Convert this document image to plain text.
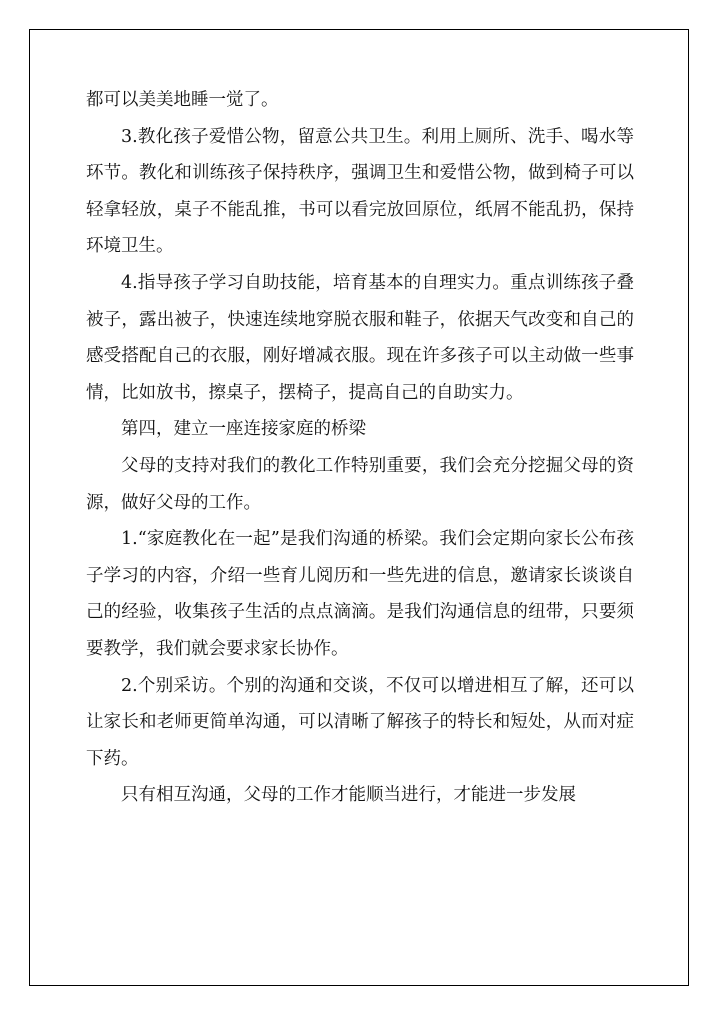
都可以美美地睡一觉了。

3.教化孩子爱惜公物，留意公共卫生。利用上厕所、洗手、喝水等环节。教化和训练孩子保持秩序，强调卫生和爱惜公物，做到椅子可以轻拿轻放，桌子不能乱推，书可以看完放回原位，纸屑不能乱扔，保持环境卫生。

4.指导孩子学习自助技能，培育基本的自理实力。重点训练孩子叠被子，露出被子，快速连续地穿脱衣服和鞋子，依据天气改变和自己的感受搭配自己的衣服，刚好增减衣服。现在许多孩子可以主动做一些事情，比如放书，擦桌子，摆椅子，提高自己的自助实力。

第四，建立一座连接家庭的桥梁

父母的支持对我们的教化工作特别重要，我们会充分挖掘父母的资源，做好父母的工作。

1.“家庭教化在一起”是我们沟通的桥梁。我们会定期向家长公布孩子学习的内容，介绍一些育儿阅历和一些先进的信息，邀请家长谈谈自己的经验，收集孩子生活的点点滴滴。是我们沟通信息的纽带，只要须要教学，我们就会要求家长协作。

2.个别采访。个别的沟通和交谈，不仅可以增进相互了解，还可以让家长和老师更简单沟通，可以清晰了解孩子的特长和短处，从而对症下药。

只有相互沟通，父母的工作才能顺当进行，才能进一步发展
